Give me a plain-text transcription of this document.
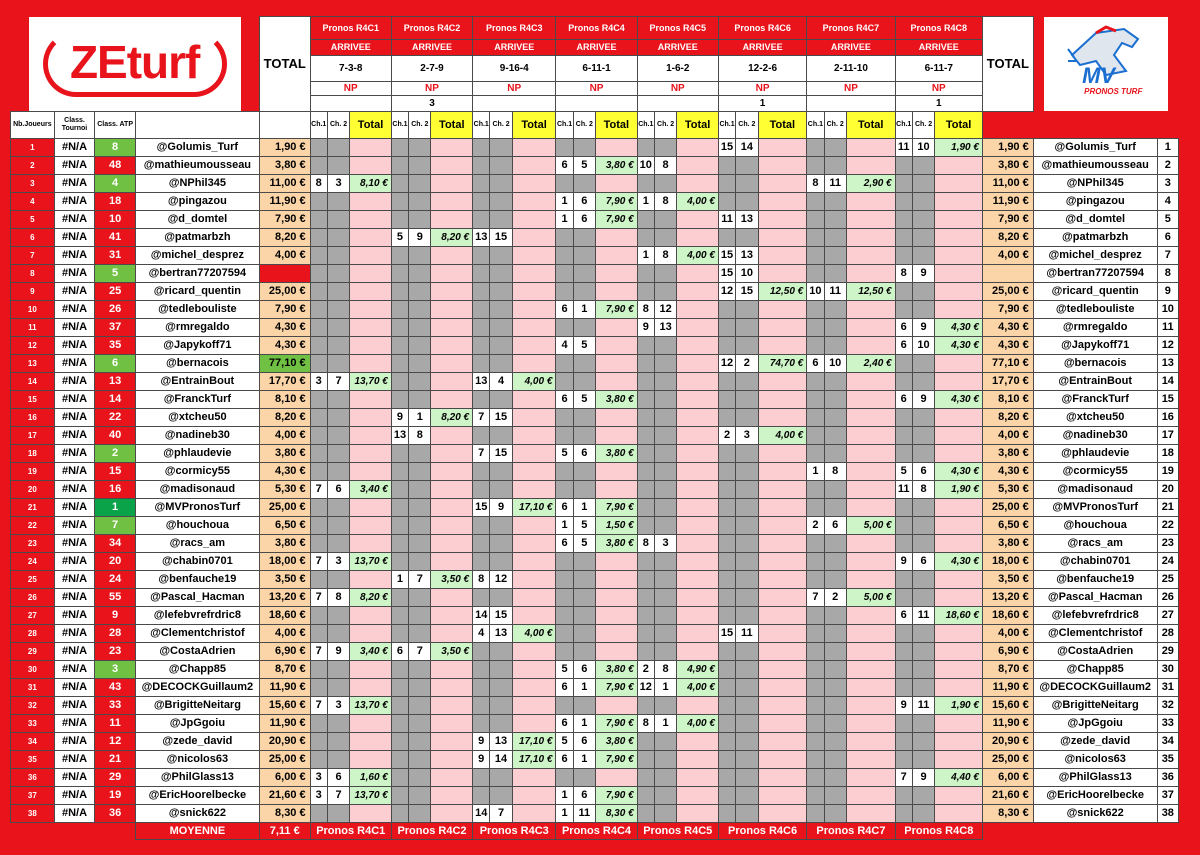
ZEturf				TOTAL	Pronos R4C1			Pronos R4C2			Pronos R4C3			Pronos R4C4			Pronos R4C5			Pronos R4C6			Pronos R4C7			Pronos R4C8			TOTAL	MV
PRONOS TURF	

					ARRIVEE			ARRIVEE			ARRIVEE			ARRIVEE			ARRIVEE			ARRIVEE			ARRIVEE			ARRIVEE					
					7-3-8			2-7-9			9-16-4			6-11-1			1-6-2			12-2-6			2-11-10			6-11-7					
					NP			NP			NP			NP			NP			NP			NP			NP					
								3												1						1					
Nb.Joueurs	Class. Tournoi	Class. ATP			Ch.1	Ch. 2	Total	Ch.1	Ch. 2	Total	Ch.1	Ch. 2	Total	Ch.1	Ch. 2	Total	Ch.1	Ch. 2	Total	Ch.1	Ch. 2	Total	Ch.1	Ch. 2	Total	Ch.1	Ch. 2	Total			
1	#N/A	8	@Golumis_Turf	1,90 €																15	14					11	10	1,90 €	1,90 €	@Golumis_Turf	1
2	#N/A	48	@mathieumousseau	3,80 €										6	5	3,80 €	10	8											3,80 €	@mathieumousseau	2
3	#N/A	4	@NPhil345	11,00 €	8	3	8,10 €																8	11	2,90 €				11,00 €	@NPhil345	3
4	#N/A	18	@pingazou	11,90 €										1	6	7,90 €	1	8	4,00 €										11,90 €	@pingazou	4
5	#N/A	10	@d_domtel	7,90 €										1	6	7,90 €				11	13								7,90 €	@d_domtel	5
6	#N/A	41	@patmarbzh	8,20 €				5	9	8,20 €	13	15																	8,20 €	@patmarbzh	6
7	#N/A	31	@michel_desprez	4,00 €													1	8	4,00 €	15	13								4,00 €	@michel_desprez	7
8	#N/A	5	@bertran77207594																	15	10					8	9			@bertran77207594	8
9	#N/A	25	@ricard_quentin	25,00 €																12	15	12,50 €	10	11	12,50 €				25,00 €	@ricard_quentin	9
10	#N/A	26	@tedlebouliste	7,90 €										6	1	7,90 €	8	12											7,90 €	@tedlebouliste	10
11	#N/A	37	@rmregaldo	4,30 €													9	13								6	9	4,30 €	4,30 €	@rmregaldo	11
12	#N/A	35	@Japykoff71	4,30 €										4	5											6	10	4,30 €	4,30 €	@Japykoff71	12
13	#N/A	6	@bernacois	77,10 €																12	2	74,70 €	6	10	2,40 €				77,10 €	@bernacois	13
14	#N/A	13	@EntrainBout	17,70 €	3	7	13,70 €				13	4	4,00 €																17,70 €	@EntrainBout	14
15	#N/A	14	@FranckTurf	8,10 €										6	5	3,80 €										6	9	4,30 €	8,10 €	@FranckTurf	15
16	#N/A	22	@xtcheu50	8,20 €				9	1	8,20 €	7	15																	8,20 €	@xtcheu50	16
17	#N/A	40	@nadineb30	4,00 €				13	8											2	3	4,00 €							4,00 €	@nadineb30	17
18	#N/A	2	@phlaudevie	3,80 €							7	15		5	6	3,80 €													3,80 €	@phlaudevie	18
19	#N/A	15	@cormicy55	4,30 €																			1	8		5	6	4,30 €	4,30 €	@cormicy55	19
20	#N/A	16	@madisonaud	5,30 €	7	6	3,40 €																			11	8	1,90 €	5,30 €	@madisonaud	20
21	#N/A	1	@MVPronosTurf	25,00 €							15	9	17,10 €	6	1	7,90 €													25,00 €	@MVPronosTurf	21
22	#N/A	7	@houchoua	6,50 €										1	5	1,50 €							2	6	5,00 €				6,50 €	@houchoua	22
23	#N/A	34	@racs_am	3,80 €										6	5	3,80 €	8	3											3,80 €	@racs_am	23
24	#N/A	20	@chabin0701	18,00 €	7	3	13,70 €																			9	6	4,30 €	18,00 €	@chabin0701	24
25	#N/A	24	@benfauche19	3,50 €				1	7	3,50 €	8	12																	3,50 €	@benfauche19	25
26	#N/A	55	@Pascal_Hacman	13,20 €	7	8	8,20 €																7	2	5,00 €				13,20 €	@Pascal_Hacman	26
27	#N/A	9	@lefebvrefrdric8	18,60 €							14	15														6	11	18,60 €	18,60 €	@lefebvrefrdric8	27
28	#N/A	28	@Clementchristof	4,00 €							4	13	4,00 €							15	11								4,00 €	@Clementchristof	28
29	#N/A	23	@CostaAdrien	6,90 €	7	9	3,40 €	6	7	3,50 €																			6,90 €	@CostaAdrien	29
30	#N/A	3	@Chapp85	8,70 €										5	6	3,80 €	2	8	4,90 €										8,70 €	@Chapp85	30
31	#N/A	43	@DECOCKGuillaum2	11,90 €										6	1	7,90 €	12	1	4,00 €										11,90 €	@DECOCKGuillaum2	31
32	#N/A	33	@BrigitteNeitarg	15,60 €	7	3	13,70 €																			9	11	1,90 €	15,60 €	@BrigitteNeitarg	32
33	#N/A	11	@JpGgoiu	11,90 €										6	1	7,90 €	8	1	4,00 €										11,90 €	@JpGgoiu	33
34	#N/A	12	@zede_david	20,90 €							9	13	17,10 €	5	6	3,80 €													20,90 €	@zede_david	34
35	#N/A	21	@nicolos63	25,00 €							9	14	17,10 €	6	1	7,90 €													25,00 €	@nicolos63	35
36	#N/A	29	@PhilGlass13	6,00 €	3	6	1,60 €																			7	9	4,40 €	6,00 €	@PhilGlass13	36
37	#N/A	19	@EricHoorelbecke	21,60 €	3	7	13,70 €							1	6	7,90 €													21,60 €	@EricHoorelbecke	37
38	#N/A	36	@snick622	8,30 €							14	7		1	11	8,30 €													8,30 €	@snick622	38
			MOYENNE	7,11 €	Pronos R4C1			Pronos R4C2			Pronos R4C3			Pronos R4C4			Pronos R4C5			Pronos R4C6			Pronos R4C7			Pronos R4C8					
